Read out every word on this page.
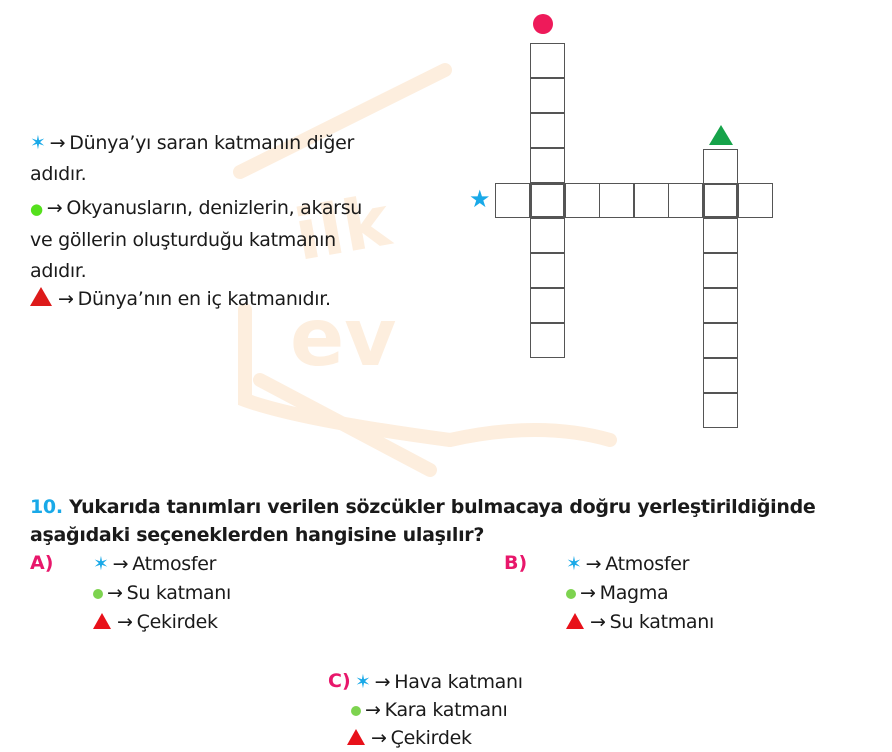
ilk
ev
✶ → Dünya’yı saran katmanın diğer
adıdır.
● → Okyanusların, denizlerin, akarsu
ve göllerin oluşturduğu katmanın
adıdır.
→ Dünya’nın en iç katmanıdır.
★
10. Yukarıda tanımları verilen sözcükler bulmacaya doğru yerleştirildiğinde
aşağıdaki seçeneklerden hangisine ulaşılır?
A) ✶ → Atmosfer
→ Su katmanı
→ Çekirdek
B) ✶ → Atmosfer
→ Magma
→ Su katmanı
C) ✶ → Hava katmanı
→ Kara katmanı
→ Çekirdek
